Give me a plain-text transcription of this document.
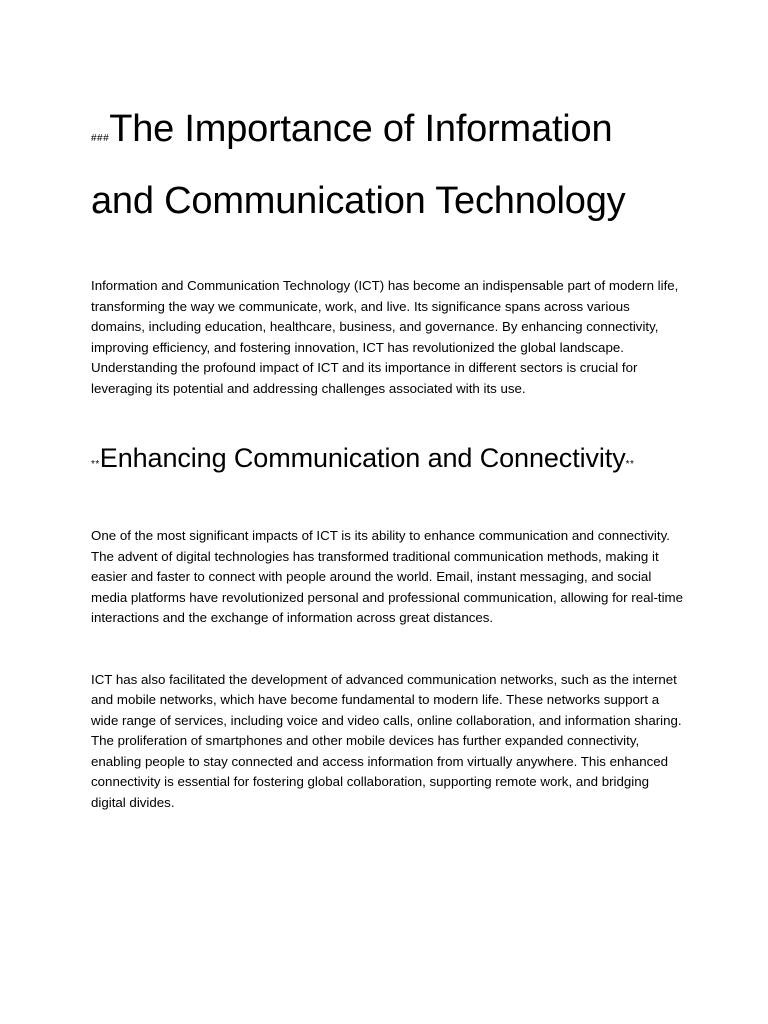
###The Importance of Information and Communication Technology

Information and Communication Technology (ICT) has become an indispensable part of modern life, transforming the way we communicate, work, and live. Its significance spans across various domains, including education, healthcare, business, and governance. By enhancing connectivity, improving efficiency, and fostering innovation, ICT has revolutionized the global landscape. Understanding the profound impact of ICT and its importance in different sectors is crucial for leveraging its potential and addressing challenges associated with its use.

**Enhancing Communication and Connectivity**

One of the most significant impacts of ICT is its ability to enhance communication and connectivity. The advent of digital technologies has transformed traditional communication methods, making it easier and faster to connect with people around the world. Email, instant messaging, and social media platforms have revolutionized personal and professional communication, allowing for real-time interactions and the exchange of information across great distances.

ICT has also facilitated the development of advanced communication networks, such as the internet and mobile networks, which have become fundamental to modern life. These networks support a wide range of services, including voice and video calls, online collaboration, and information sharing. The proliferation of smartphones and other mobile devices has further expanded connectivity, enabling people to stay connected and access information from virtually anywhere. This enhanced connectivity is essential for fostering global collaboration, supporting remote work, and bridging digital divides.
